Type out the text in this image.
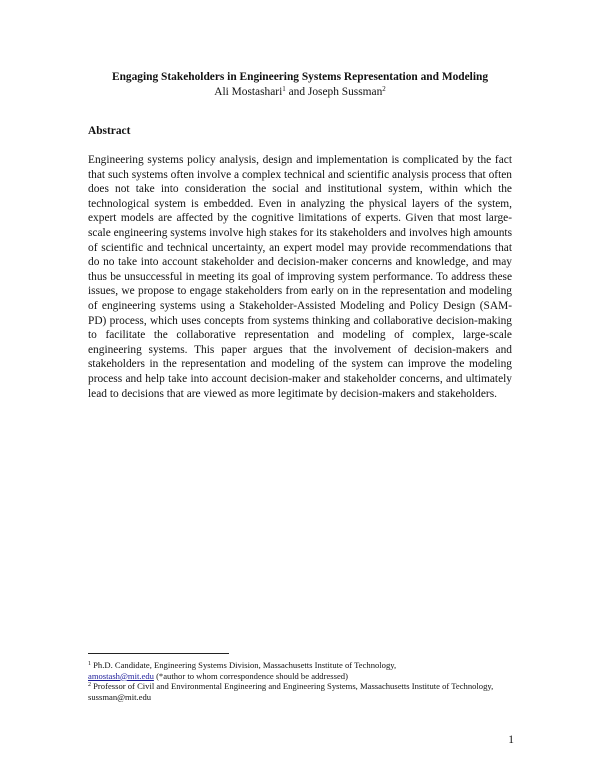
Engaging Stakeholders in Engineering Systems Representation and Modeling
Ali Mostashari$^1$ and Joseph Sussman$^2$
Abstract
Engineering systems policy analysis, design and implementation is complicated by the fact that such systems often involve a complex technical and scientific analysis process that often does not take into consideration the social and institutional system, within which the technological system is embedded. Even in analyzing the physical layers of the system, expert models are affected by the cognitive limitations of experts. Given that most large-scale engineering systems involve high stakes for its stakeholders and involves high amounts of scientific and technical uncertainty, an expert model may provide recommendations that do no take into account stakeholder and decision-maker concerns and knowledge, and may thus be unsuccessful in meeting its goal of improving system performance. To address these issues, we propose to engage stakeholders from early on in the representation and modeling of engineering systems using a Stakeholder-Assisted Modeling and Policy Design (SAM-PD) process, which uses concepts from systems thinking and collaborative decision-making to facilitate the collaborative representation and modeling of complex, large-scale engineering systems. This paper argues that the involvement of decision-makers and stakeholders in the representation and modeling of the system can improve the modeling process and help take into account decision-maker and stakeholder concerns, and ultimately lead to decisions that are viewed as more legitimate by decision-makers and stakeholders.

$^1$ Ph.D. Candidate, Engineering Systems Division, Massachusetts Institute of Technology,
amostash@mit.edu (*author to whom correspondence should be addressed)

$^2$ Professor of Civil and Environmental Engineering and Engineering Systems, Massachusetts Institute of Technology, sussman@mit.edu

1
